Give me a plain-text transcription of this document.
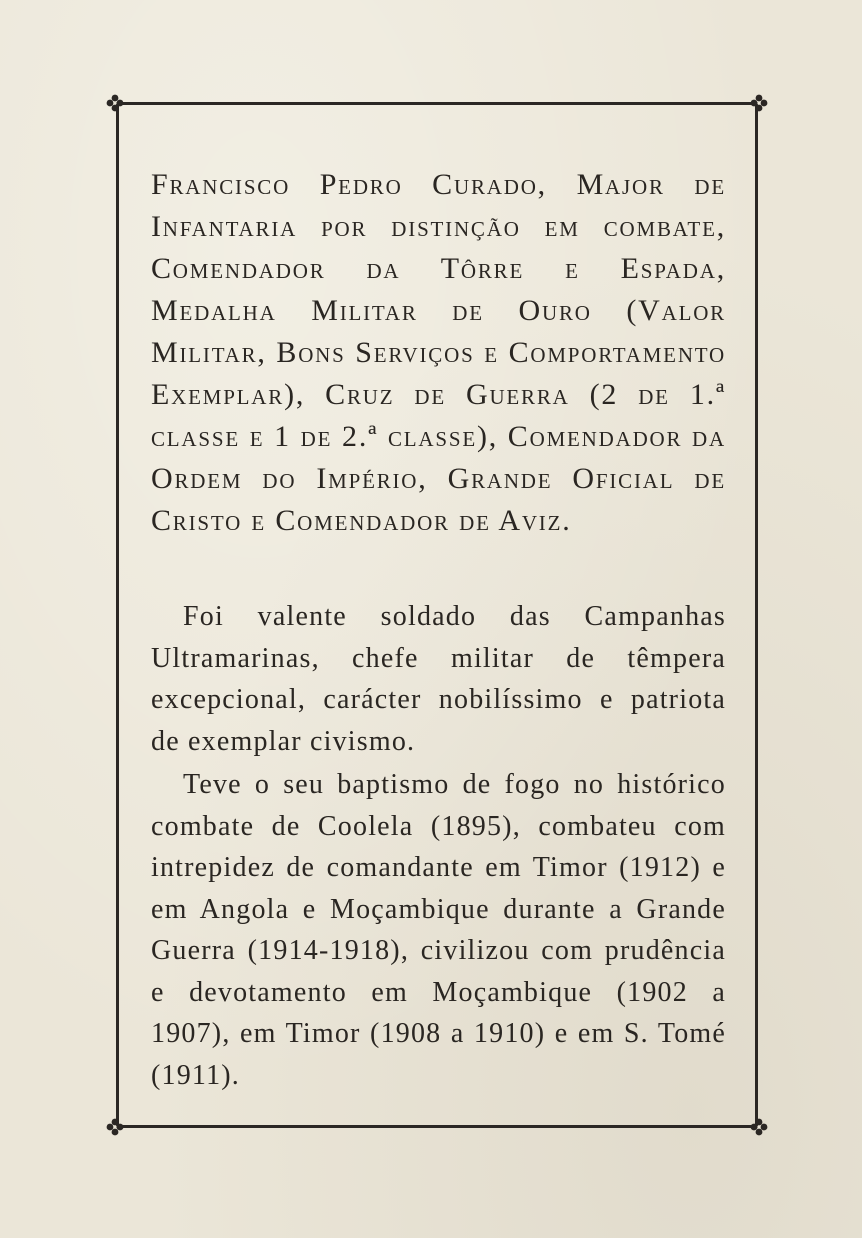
Francisco Pedro Curado, Major de Infantaria por distinção em combate, Comendador da Tôrre e Espada, Medalha Militar de Ouro (Valor Militar, Bons Serviços e Comportamento Exemplar), Cruz de Guerra (2 de 1.ª classe e 1 de 2.ª classe), Comendador da Ordem do Império, Grande Oficial de Cristo e Comendador de Aviz.

Foi valente soldado das Campanhas Ultramarinas, chefe militar de têmpera excepcional, carácter nobilíssimo e patriota de exemplar civismo.

Teve o seu baptismo de fogo no histórico combate de Coolela (1895), combateu com intrepidez de comandante em Timor (1912) e em Angola e Moçambique durante a Grande Guerra (1914-1918), civilizou com prudência e devotamento em Moçambique (1902 a 1907), em Timor (1908 a 1910) e em S. Tomé (1911).
